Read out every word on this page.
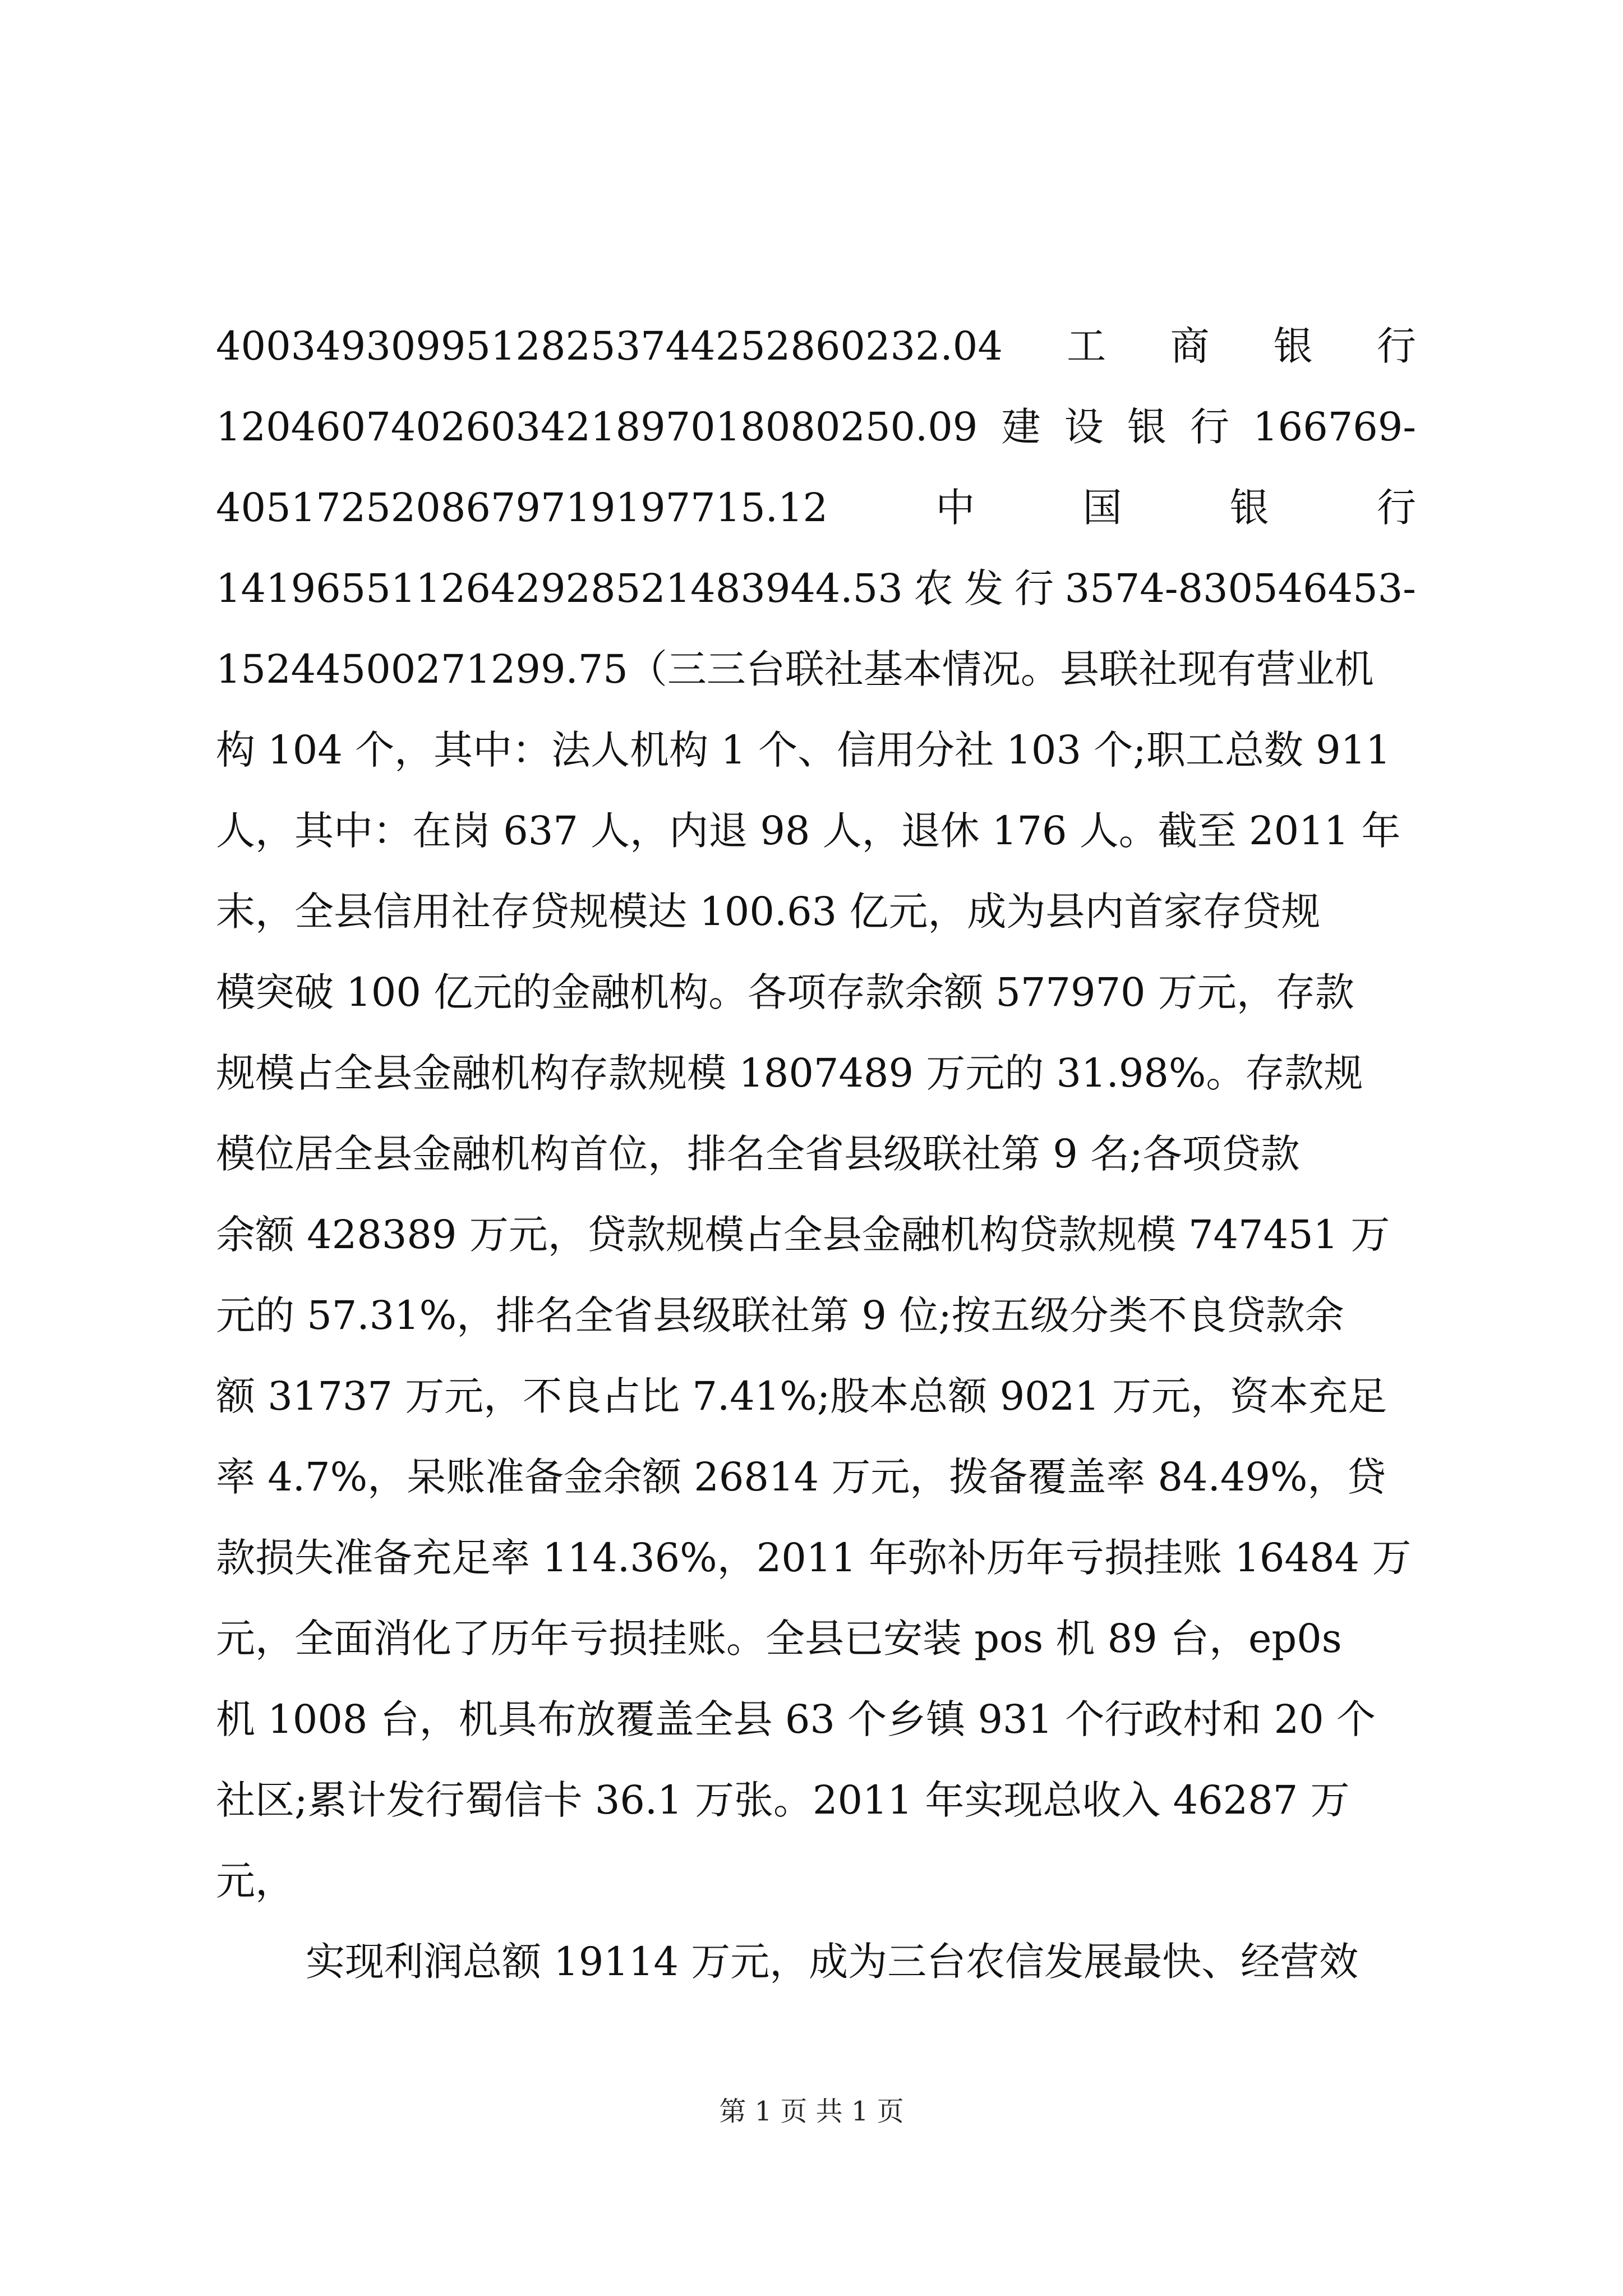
400349309951282537442528602​32.04 工 商 银 行
12046074026034218970180802​50.09 建 设 银 行 166769-
405172520867971919771​5.12	中	国	银	行
14196551126429285214839​44.53 农 发 行 3574-830546453-
15244500271299.75（三三台联社基本情况。县联社现有营业机
构 104 个，其中：法人机构 1 个、信用分社 103 个;职工总数 911
人，其中：在岗 637 人，内退 98 人，退休 176 人。截至 2011 年
末，全县信用社存贷规模达 100.63 亿元，成为县内首家存贷规
模突破 100 亿元的金融机构。各项存款余额 577970 万元，存款
规模占全县金融机构存款规模 1807489 万元的 31.98%。存款规
模位居全县金融机构首位，排名全省县级联社第 9 名;各项贷款
余额 428389 万元，贷款规模占全县金融机构贷款规模 747451 万
元的 57.31%，排名全省县级联社第 9 位;按五级分类不良贷款余
额 31737 万元，不良占比 7.41%;股本总额 9021 万元，资本充足
率 4.7%，呆账准备金余额 26814 万元，拨备覆盖率 84.49%，贷
款损失准备充足率 114.36%，2011 年弥补历年亏损挂账 16484 万
元，全面消化了历年亏损挂账。全县已安装 pos 机 89 台，ep0s
机 1008 台，机具布放覆盖全县 63 个乡镇 931 个行政村和 20 个
社区;累计发行蜀信卡 36.1 万张。2011 年实现总收入 46287 万
元，
实现利润总额 19114 万元，成为三台农信发展最快、经营效
第 1 页 共 1 页
